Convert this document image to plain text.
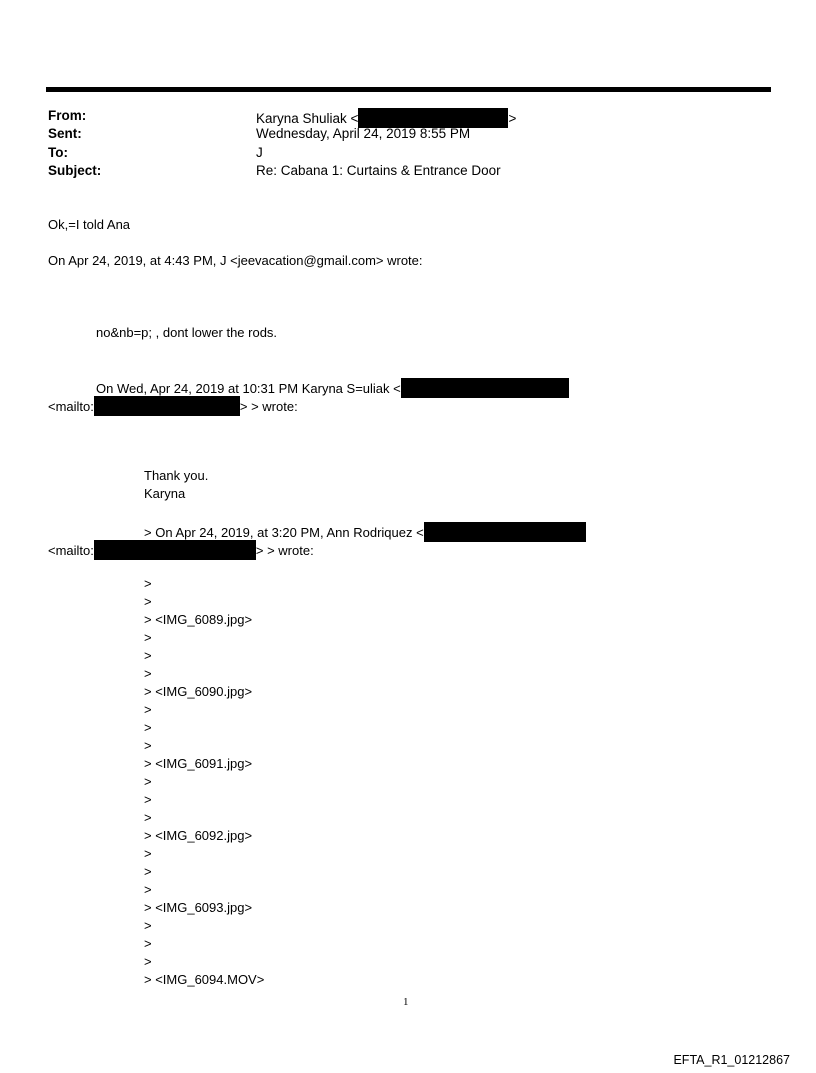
From:	Karyna Shuliak <	>
Sent:	Wednesday, April 24, 2019 8:55 PM
To:	J
Subject:	Re: Cabana 1: Curtains & Entrance Door
Ok,=I told Ana
On Apr 24, 2019, at 4:43 PM, J <jeevacation@gmail.com> wrote:
no&nb=p; , dont lower the rods.
On Wed, Apr 24, 2019 at 10:31 PM Karyna S=uliak <
<mailto:	> > wrote:
Thank you.
Karyna
> On Apr 24, 2019, at 3:20 PM, Ann Rodriquez <
<mailto:	> > wrote:
>
>
> <IMG_6089.jpg>
>
>
>
> <IMG_6090.jpg>
>
>
>
> <IMG_6091.jpg>
>
>
>
> <IMG_6092.jpg>
>
>
>
> <IMG_6093.jpg>
>
>
>
> <IMG_6094.MOV>
1
EFTA_R1_01212867
